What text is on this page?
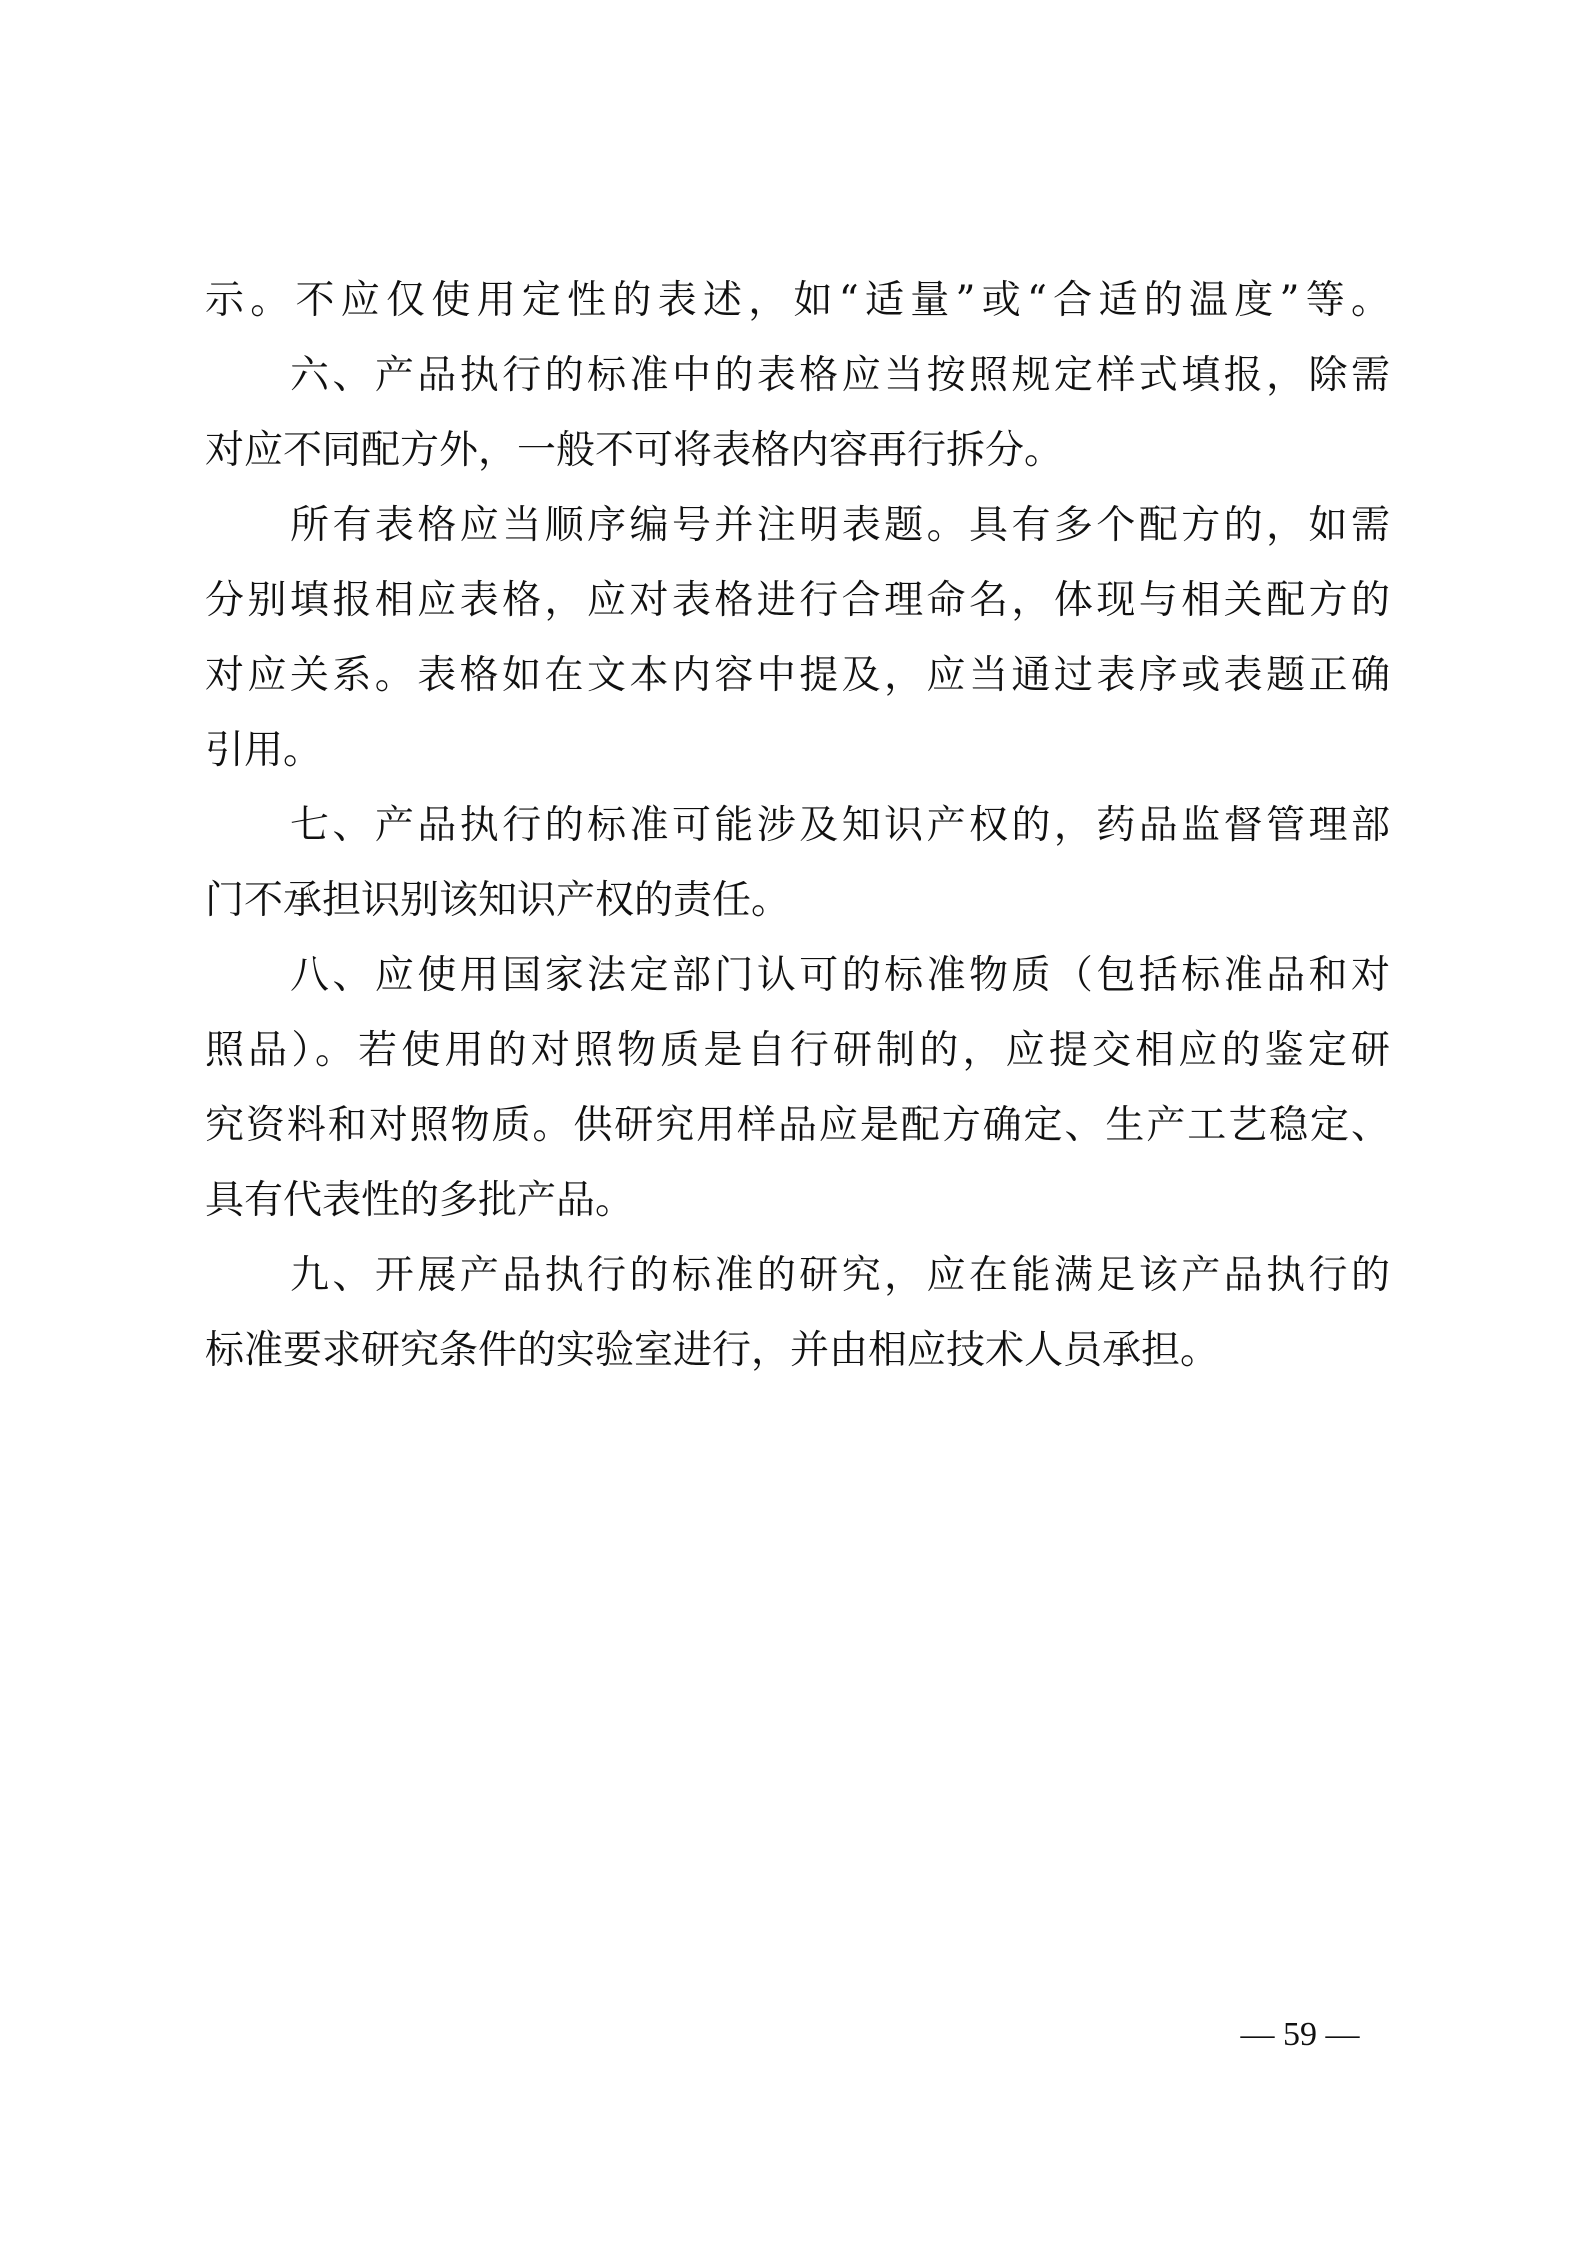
示。不应仅使用定性的表述，如“适量”或“合适的温度”等。
六、产品执行的标准中的表格应当按照规定样式填报，除需
对应不同配方外，一般不可将表格内容再行拆分。
所有表格应当顺序编号并注明表题。具有多个配方的，如需
分别填报相应表格，应对表格进行合理命名，体现与相关配方的
对应关系。表格如在文本内容中提及，应当通过表序或表题正确
引用。
七、产品执行的标准可能涉及知识产权的，药品监督管理部
门不承担识别该知识产权的责任。
八、应使用国家法定部门认可的标准物质（包括标准品和对
照品）。若使用的对照物质是自行研制的，应提交相应的鉴定研
究资料和对照物质。供研究用样品应是配方确定、生产工艺稳定、
具有代表性的多批产品。
九、开展产品执行的标准的研究，应在能满足该产品执行的
标准要求研究条件的实验室进行，并由相应技术人员承担。
— 59 —
